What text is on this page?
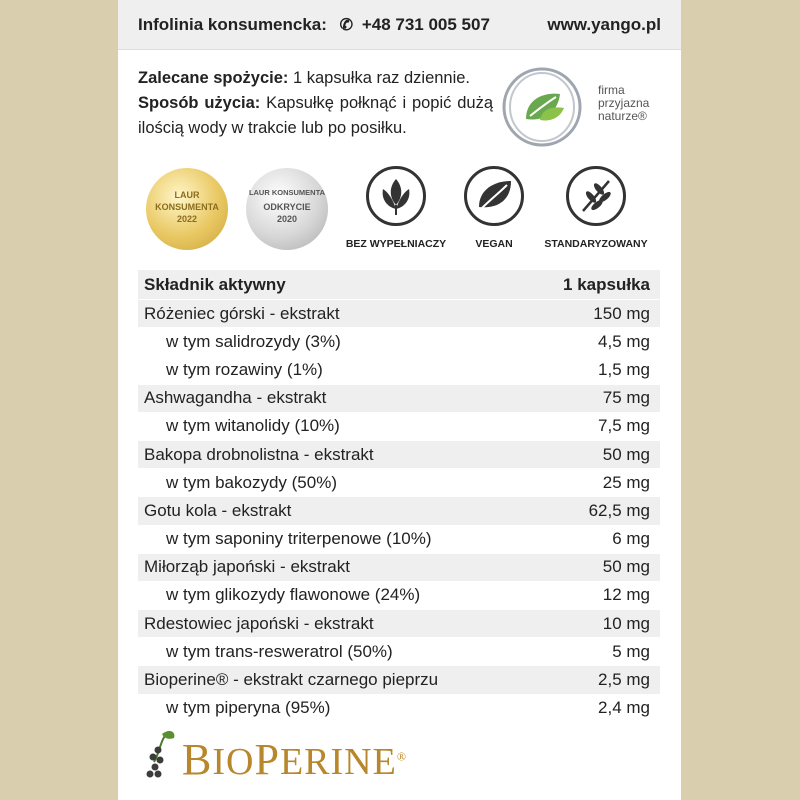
Infolinia konsumencka: ✆ +48 731 005 507	www.yango.pl
Zalecane spożycie: 1 kapsułka raz dziennie.
Sposób użycia: Kapsułkę połknąć i popić dużą ilością wody w trakcie lub po posiłku.
firma
przyjazna
naturze®
LAUR
KONSUMENTA
2022
LAUR KONSUMENTA
ODKRYCIE
2020
BEZ WYPEŁNIACZY	VEGAN	STANDARYZOWANY
Składnik aktywny	1 kapsułka
Różeniec górski - ekstrakt	150 mg
w tym salidrozydy (3%)	4,5 mg
w tym rozawiny (1%)	1,5 mg
Ashwagandha - ekstrakt	75 mg
w tym witanolidy (10%)	7,5 mg
Bakopa drobnolistna - ekstrakt	50 mg
w tym bakozydy (50%)	25 mg
Gotu kola - ekstrakt	62,5 mg
w tym saponiny triterpenowe (10%)	6 mg
Miłorząb japoński - ekstrakt	50 mg
w tym glikozydy flawonowe (24%)	12 mg
Rdestowiec japoński - ekstrakt	10 mg
w tym trans-resweratrol (50%)	5 mg
Bioperine® - ekstrakt czarnego pieprzu	2,5 mg
w tym piperyna (95%)	2,4 mg
BIOPERINE®
